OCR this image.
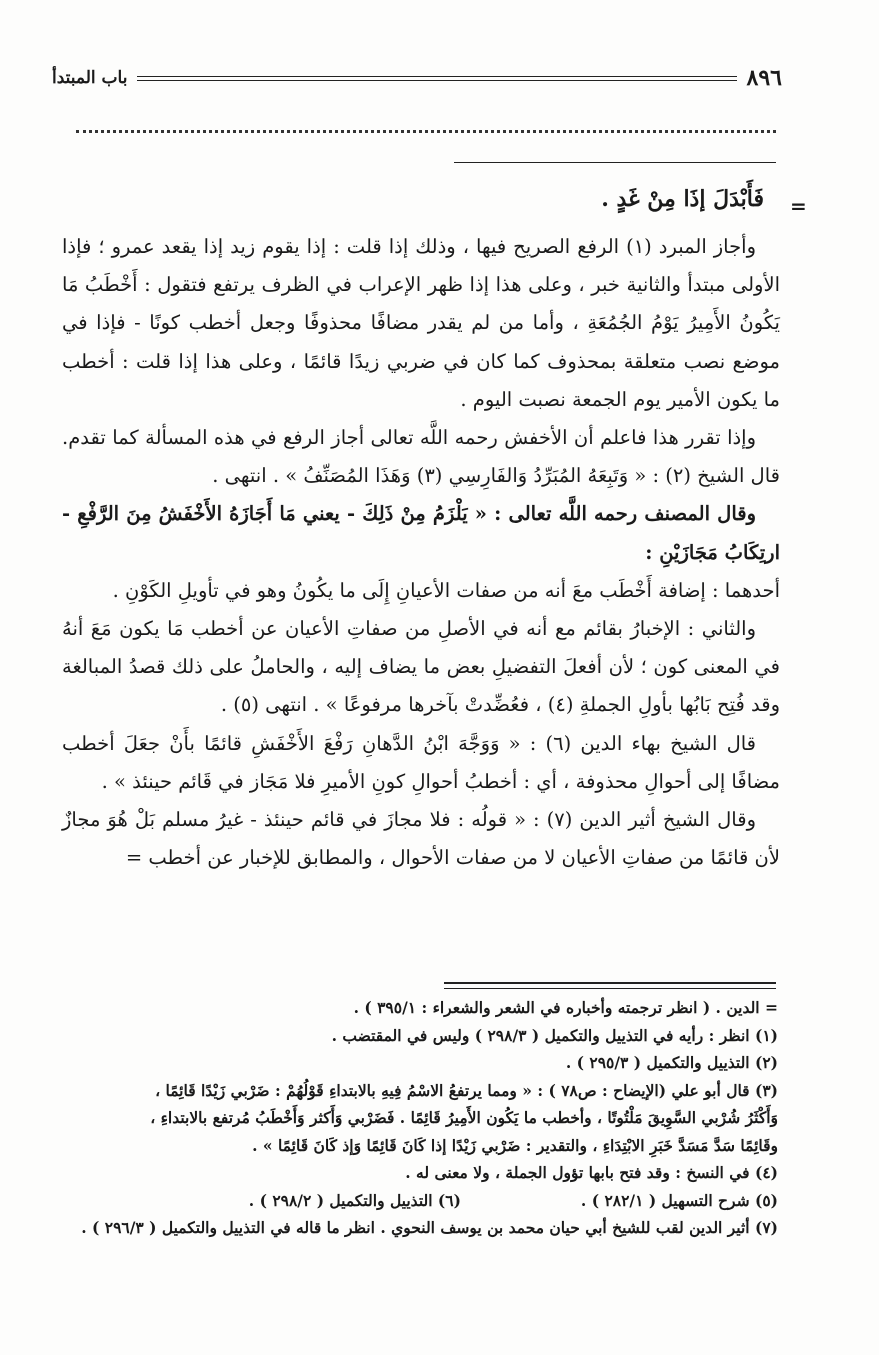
باب المبتدأ	٨٩٦
=
فَأَبْدَلَ إذَا مِنْ غَدٍ .

وأجاز المبرد (١) الرفع الصريح فيها ، وذلك إذا قلت : إذا يقوم زيد إذا يقعد عمرو ؛ فإذا الأولى مبتدأ والثانية خبر ، وعلى هذا إذا ظهر الإعراب في الظرف يرتفع فتقول : أَخْطَبُ مَا يَكُونُ الأَمِيرُ يَوْمُ الجُمُعَةِ ، وأما من لم يقدر مضافًا محذوفًا وجعل أخطب كونًا - فإذا في موضع نصب متعلقة بمحذوف كما كان في ضربي زيدًا قائمًا ، وعلى هذا إذا قلت : أخطب ما يكون الأمير يوم الجمعة نصبت اليوم .

وإذا تقرر هذا فاعلم أن الأخفش رحمه اللَّه تعالى أجاز الرفع في هذه المسألة كما تقدم. قال الشيخ (٢) : « وَتَبِعَهُ المُبَرِّدُ وَالفَارِسِي (٣) وَهَذَا المُصَنِّفُ » . انتهى .

وقال المصنف رحمه اللَّه تعالى : « يَلْزَمُ مِنْ ذَلِكَ - يعني مَا أَجَازَهُ الأَخْفَشُ مِنَ الرَّفْعِ - ارتِكَابُ مَجَازَيْنِ :

أحدهما : إضافة أَخْطَب معَ أنه من صفات الأعيانِ إِلَى ما يكُونُ وهو في تأويلِ الكَوْنِ .

والثاني : الإخبارُ بقائم مع أنه في الأصلِ من صفاتِ الأعيان عن أخطب مَا يكون مَعَ أنهُ في المعنى كون ؛ لأن أفعلَ التفضيلِ بعض ما يضاف إليه ، والحاملُ على ذلك قصدُ المبالغة وقد فُتِح بَابُها بأولِ الجملةِ (٤) ، فعُضِّدتْ بآخرها مرفوعًا » . انتهى (٥) .

قال الشيخ بهاء الدين (٦) : « وَوَجَّهَ ابْنُ الدَّهانِ رَفْعَ الأَخْفَشِ قائمًا بأَنْ جعَلَ أخطب مضافًا إلى أحوالِ محذوفة ، أي : أخطبُ أحوالِ كونِ الأميرِ فلا مَجَاز في قَائم حينئذ » .

وقال الشيخ أثير الدين (٧) : « قولُه : فلا مجازَ في قائم حينئذ - غيرُ مسلم بَلْ هُوَ مجازٌ لأن قائمًا من صفاتِ الأعيان لا من صفات الأحوال ، والمطابق للإخبار عن أخطب =

= الدين . ( انظر ترجمته وأخباره في الشعر والشعراء : ٣٩٥/١ ) .
(١) انظر : رأيه في التذييل والتكميل ( ٢٩٨/٣ ) وليس في المقتضب .
(٢) التذييل والتكميل ( ٢٩٥/٣ ) .
(٣) قال أبو علي (الإيضاح : ص٧٨ ) : « ومما يرتفعُ الاسْمُ فِيهِ بالابتداءِ قَوْلُهُمْ : ضَرْبي زَيْدًا قَائِمًا ،
وَأَكْثَرُ شُرْبي السَّوِيقَ مَلْتُوتًا ، وأخطب ما يَكُون الأَمِيرُ قَائِمًا . فَضَرْبي وَأَكثر وَأَخْطَبُ مُرتفع بالابتداءِ ،
وقَائِمًا سَدَّ مَسَدَّ خَبَرِ الابْتِدَاءِ ، والتقدير : ضَرْبي زَيْدًا إذا كَانَ قَائِمًا وَإذ كَانَ قَائِمًا » .
(٤) في النسخ : وقد فتح بابها تؤول الجملة ، ولا معنى له .
(٥) شرح التسهيل ( ٢٨٢/١ ) .
(٦) التذييل والتكميل ( ٢٩٨/٢ ) .
(٧) أثير الدين لقب للشيخ أبي حيان محمد بن يوسف النحوي . انظر ما قاله في التذييل والتكميل ( ٢٩٦/٣ ) .
